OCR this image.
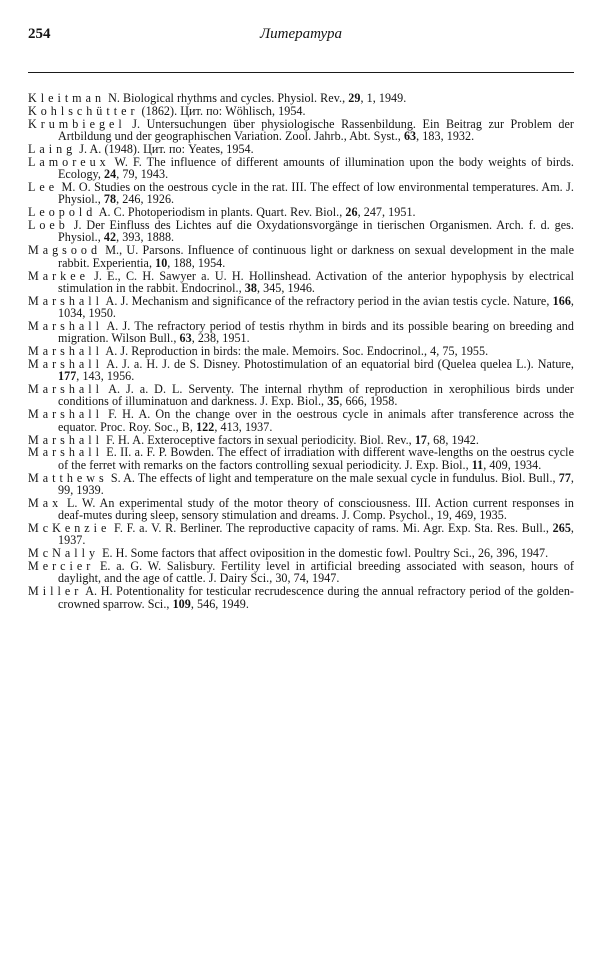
254	Литература

Kleitman N. Biological rhythms and cycles. Physiol. Rev., 29, 1, 1949.

Kohlschütter (1862). Цит. по: Wöhlisch, 1954.

Krumbiegel J. Untersuchungen über physiologische Rassenbildung. Ein Beitrag zur Problem der Artbildung und der geographischen Variation. Zool. Jahrb., Abt. Syst., 63, 183, 1932.

Laing J. A. (1948). Цит. по: Yeates, 1954.

Lamoreux W. F. The influence of different amounts of illumination upon the body weights of birds. Ecology, 24, 79, 1943.

Lee M. O. Studies on the oestrous cycle in the rat. III. The effect of low environmental temperatures. Am. J. Physiol., 78, 246, 1926.

Leopold A. C. Photoperiodism in plants. Quart. Rev. Biol., 26, 247, 1951.

Loeb J. Der Einfluss des Lichtes auf die Oxydationsvorgänge in tierischen Organismen. Arch. f. d. ges. Physiol., 42, 393, 1888.

Magsood M., U. Parsons. Influence of continuous light or darkness on sexual development in the male rabbit. Experientia, 10, 188, 1954.

Markee J. E., C. H. Sawyer a. U. H. Hollinshead. Activation of the anterior hypophysis by electrical stimulation in the rabbit. Endocrinol., 38, 345, 1946.

Marshall A. J. Mechanism and significance of the refractory period in the avian testis cycle. Nature, 166, 1034, 1950.

Marshall A. J. The refractory period of testis rhythm in birds and its possible bearing on breeding and migration. Wilson Bull., 63, 238, 1951.

Marshall A. J. Reproduction in birds: the male. Memoirs. Soc. Endocrinol., 4, 75, 1955.

Marshall A. J. a. H. J. de S. Disney. Photostimulation of an equatorial bird (Quelea quelea L.). Nature, 177, 143, 1956.

Marshall A. J. a. D. L. Serventy. The internal rhythm of reproduction in xerophilious birds under conditions of illuminatuon and darkness. J. Exp. Biol., 35, 666, 1958.

Marshall F. H. A. On the change over in the oestrous cycle in animals after transference across the equator. Proc. Roy. Soc., B, 122, 413, 1937.

Marshall F. H. A. Exteroceptive factors in sexual periodicity. Biol. Rev., 17, 68, 1942.

Marshall E. II. a. F. P. Bowden. The effect of irradiation with different wave-lengths on the oestrus cycle of the ferret with remarks on the factors controlling sexual periodicity. J. Exp. Biol., 11, 409, 1934.

Matthews S. A. The effects of light and temperature on the male sexual cycle in fundulus. Biol. Bull., 77, 99, 1939.

Max L. W. An experimental study of the motor theory of consciousness. III. Action current responses in deaf-mutes during sleep, sensory stimulation and dreams. J. Comp. Psychol., 19, 469, 1935.

McKenzie F. F. a. V. R. Berliner. The reproductive capacity of rams. Mi. Agr. Exp. Sta. Res. Bull., 265, 1937.

McNally E. H. Some factors that affect oviposition in the domestic fowl. Poultry Sci., 26, 396, 1947.

Mercier E. a. G. W. Salisbury. Fertility level in artificial breeding associated with season, hours of daylight, and the age of cattle. J. Dairy Sci., 30, 74, 1947.

Miller A. H. Potentionality for testicular recrudescence during the annual refractory period of the golden-crowned sparrow. Sci., 109, 546, 1949.
